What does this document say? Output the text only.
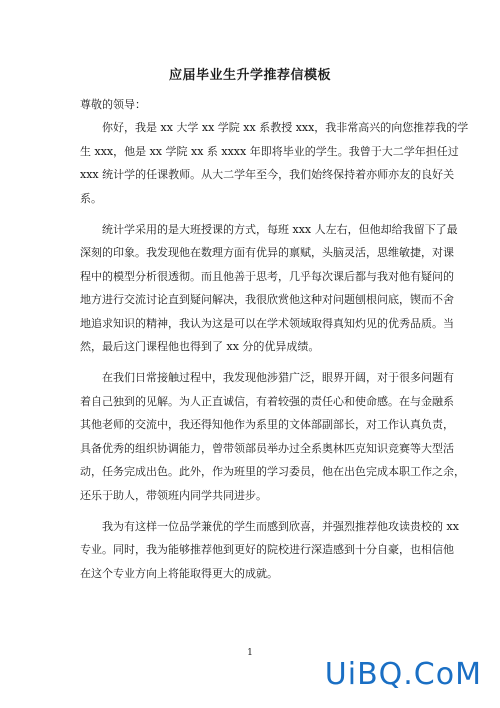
应届毕业生升学推荐信模板

尊敬的领导：

你好，我是 xx 大学 xx 学院 xx 系教授 xxx，我非常高兴的向您推荐我的学
生 xxx，他是 xx 学院 xx 系 xxxx 年即将毕业的学生。我曾于大二学年担任过
xxx 统计学的任课教师。从大二学年至今，我们始终保持着亦师亦友的良好关
系。

统计学采用的是大班授课的方式，每班 xxx 人左右，但他却给我留下了最
深刻的印象。我发现他在数理方面有优异的禀赋，头脑灵活，思维敏捷，对课
程中的模型分析很透彻。而且他善于思考，几乎每次课后都与我对他有疑问的
地方进行交流讨论直到疑问解决，我很欣赏他这种对问题刨根问底，锲而不舍
地追求知识的精神，我认为这是可以在学术领域取得真知灼见的优秀品质。当
然，最后这门课程他也得到了 xx 分的优异成绩。

在我们日常接触过程中，我发现他涉猎广泛，眼界开阔，对于很多问题有
着自己独到的见解。为人正直诚信，有着较强的责任心和使命感。在与金融系
其他老师的交流中，我还得知他作为系里的文体部副部长，对工作认真负责，
具备优秀的组织协调能力，曾带领部员举办过全系奥林匹克知识竞赛等大型活
动，任务完成出色。此外，作为班里的学习委员，他在出色完成本职工作之余，
还乐于助人，带领班内同学共同进步。

我为有这样一位品学兼优的学生而感到欣喜，并强烈推荐他攻读贵校的 xx
专业。同时，我为能够推荐他到更好的院校进行深造感到十分自豪，也相信他
在这个专业方向上将能取得更大的成就。

1
UiBQ.CoM
